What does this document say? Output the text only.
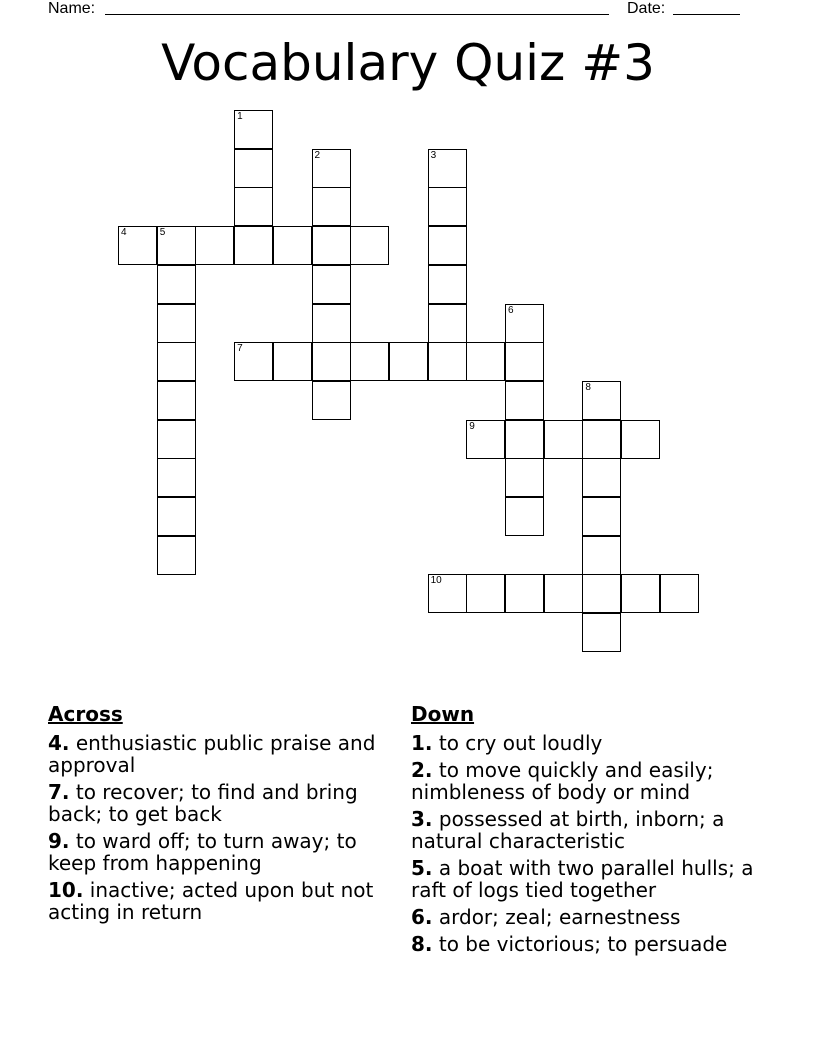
Name:	Date:
Vocabulary Quiz #3
1
2	3
4	5
6
7
8
9
10
Across
4. enthusiastic public praise and approval
7. to recover; to find and bring back; to get back
9. to ward off; to turn away; to keep from happening
10. inactive; acted upon but not acting in return
Down
1. to cry out loudly
2. to move quickly and easily; nimbleness of body or mind
3. possessed at birth, inborn; a natural characteristic
5. a boat with two parallel hulls; a raft of logs tied together
6. ardor; zeal; earnestness
8. to be victorious; to persuade
